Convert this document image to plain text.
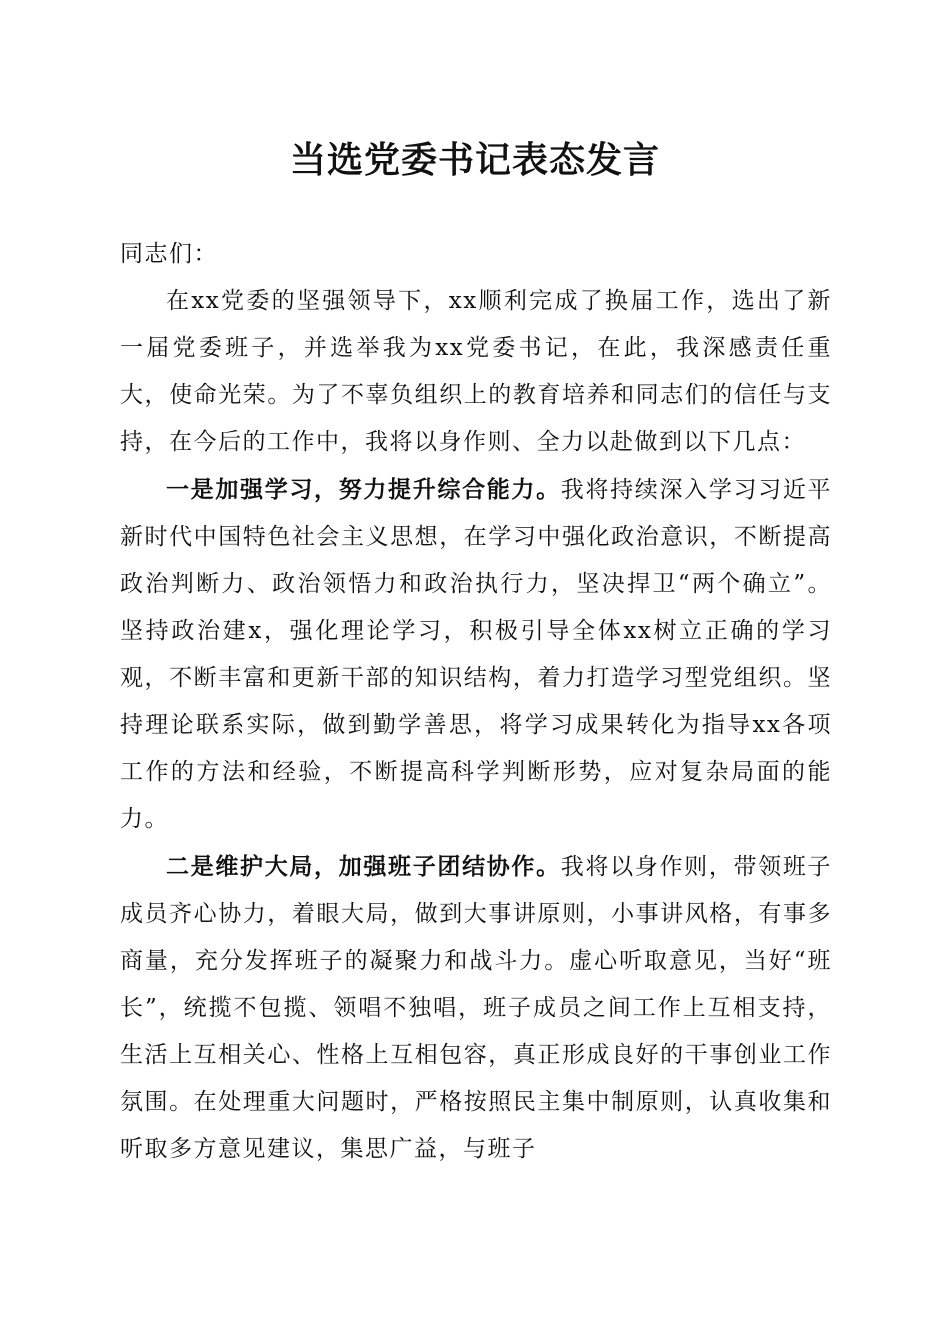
当选党委书记表态发言

同志们：

在xx党委的坚强领导下，xx顺利完成了换届工作，选出了新一届党委班子，并选举我为xx党委书记，在此，我深感责任重大，使命光荣。为了不辜负组织上的教育培养和同志们的信任与支持，在今后的工作中，我将以身作则、全力以赴做到以下几点：

一是加强学习，努力提升综合能力。我将持续深入学习习近平新时代中国特色社会主义思想，在学习中强化政治意识，不断提高政治判断力、政治领悟力和政治执行力，坚决捍卫“两个确立”。坚持政治建x，强化理论学习，积极引导全体xx树立正确的学习观，不断丰富和更新干部的知识结构，着力打造学习型党组织。坚持理论联系实际，做到勤学善思，将学习成果转化为指导xx各项工作的方法和经验，不断提高科学判断形势，应对复杂局面的能力。

二是维护大局，加强班子团结协作。我将以身作则，带领班子成员齐心协力，着眼大局，做到大事讲原则，小事讲风格，有事多商量，充分发挥班子的凝聚力和战斗力。虚心听取意见，当好“班长”，统揽不包揽、领唱不独唱，班子成员之间工作上互相支持，生活上互相关心、性格上互相包容，真正形成良好的干事创业工作氛围。在处理重大问题时，严格按照民主集中制原则，认真收集和听取多方意见建议，集思广益，与班子
